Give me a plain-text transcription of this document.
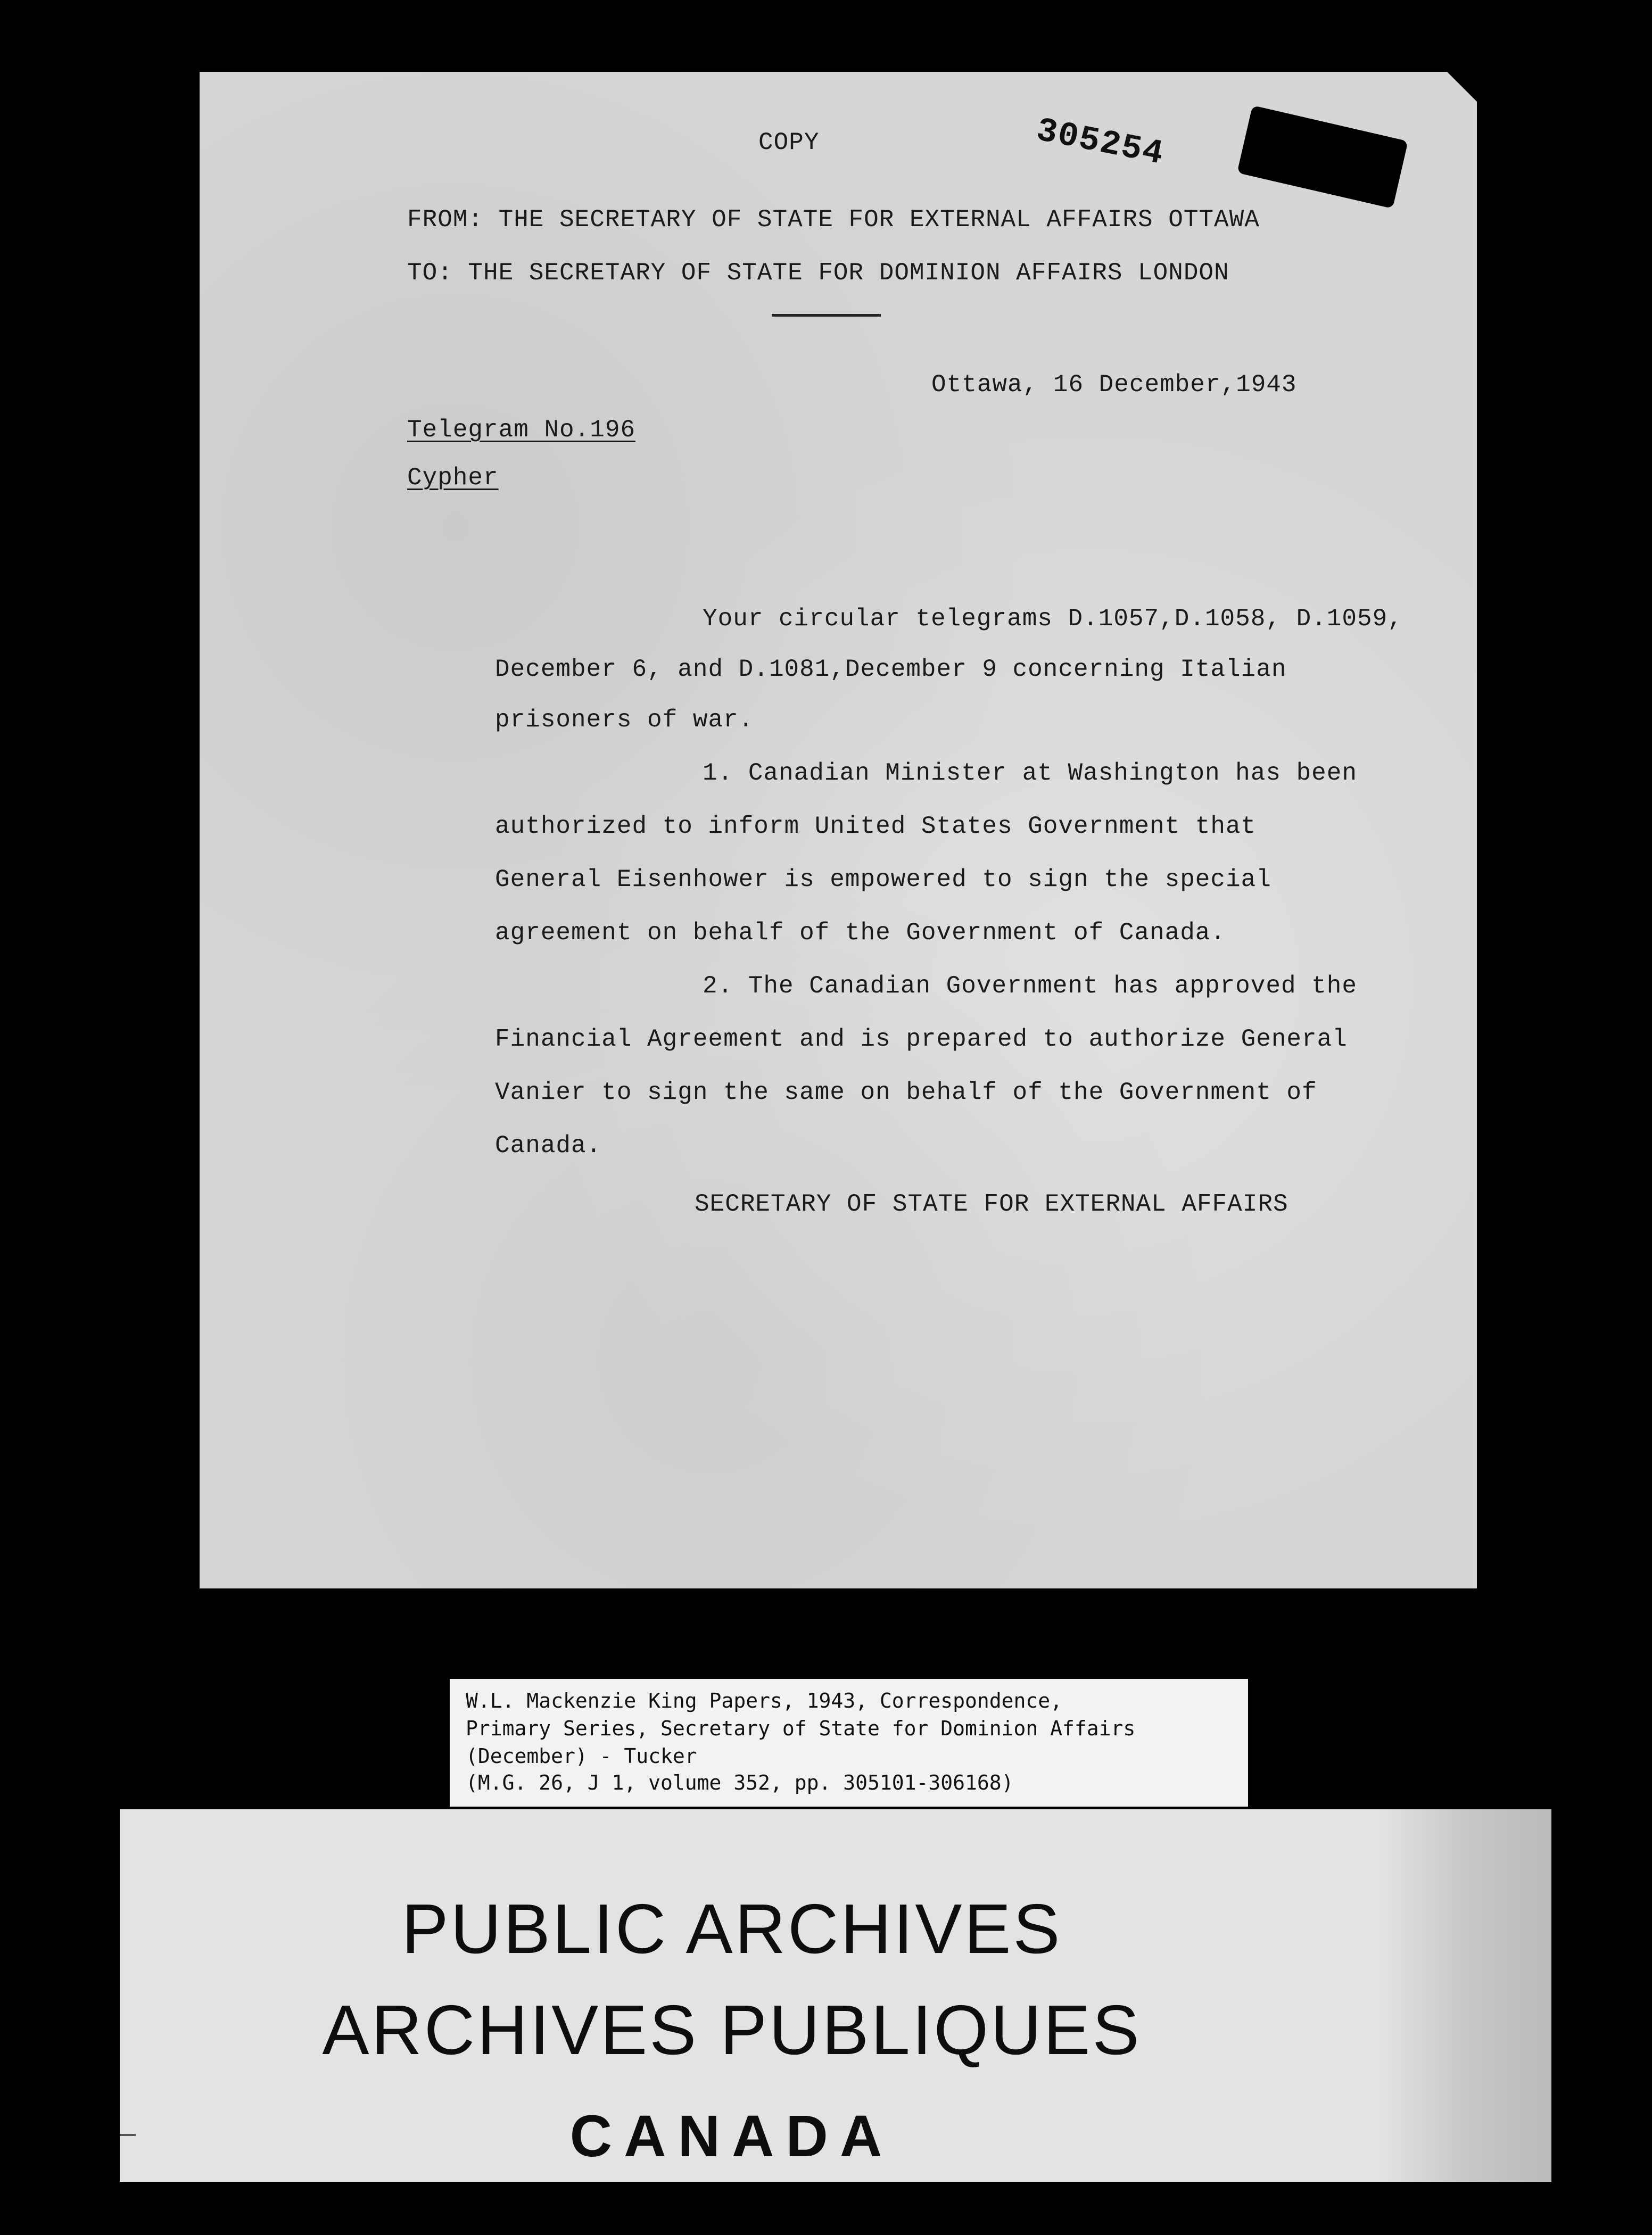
COPY	305254
FROM: THE SECRETARY OF STATE FOR EXTERNAL AFFAIRS OTTAWA
TO: THE SECRETARY OF STATE FOR DOMINION AFFAIRS LONDON
Ottawa, 16 December,1943
Telegram No.196
Cypher
Your circular telegrams D.1057,D.1058, D.1059,
December 6, and D.1081,December 9 concerning Italian
prisoners of war.
1. Canadian Minister at Washington has been
authorized to inform United States Government that
General Eisenhower is empowered to sign the special
agreement on behalf of the Government of Canada.
2. The Canadian Government has approved the
Financial Agreement and is prepared to authorize General
Vanier to sign the same on behalf of the Government of
Canada.
SECRETARY OF STATE FOR EXTERNAL AFFAIRS
W.L. Mackenzie King Papers, 1943, Correspondence,
Primary Series, Secretary of State for Dominion Affairs
(December) - Tucker
(M.G. 26, J 1, volume 352, pp. 305101-306168)
PUBLIC ARCHIVES
ARCHIVES PUBLIQUES
CANADA
